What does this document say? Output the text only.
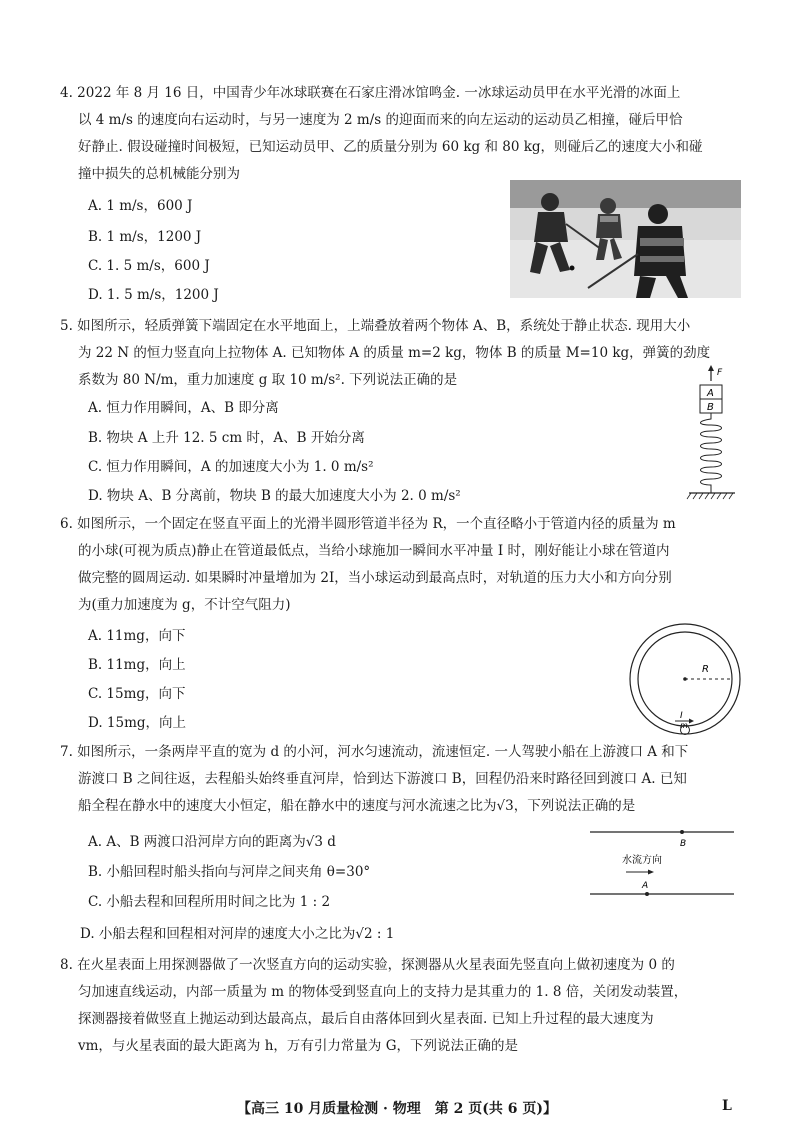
4. 2022 年 8 月 16 日，中国青少年冰球联赛在石家庄滑冰馆鸣金. 一冰球运动员甲在水平光滑的冰面上

以 4 m/s 的速度向右运动时，与另一速度为 2 m/s 的迎面而来的向左运动的运动员乙相撞，碰后甲恰

好静止. 假设碰撞时间极短，已知运动员甲、乙的质量分别为 60 kg 和 80 kg，则碰后乙的速度大小和碰

撞中损失的总机械能分别为

A. 1 m/s，600 J
B. 1 m/s，1200 J
C. 1. 5 m/s，600 J
D. 1. 5 m/s，1200 J

5. 如图所示，轻质弹簧下端固定在水平地面上，上端叠放着两个物体 A、B，系统处于静止状态. 现用大小

为 22 N 的恒力竖直向上拉物体 A. 已知物体 A 的质量 m=2 kg，物体 B 的质量 M=10 kg，弹簧的劲度

系数为 80 N/m，重力加速度 g 取 10 m/s². 下列说法正确的是

A. 恒力作用瞬间，A、B 即分离
B. 物块 A 上升 12. 5 cm 时，A、B 开始分离
C. 恒力作用瞬间，A 的加速度大小为 1. 0 m/s²
D. 物块 A、B 分离前，物块 B 的最大加速度大小为 2. 0 m/s²
F
A
B

6. 如图所示，一个固定在竖直平面上的光滑半圆形管道半径为 R，一个直径略小于管道内径的质量为 m

的小球(可视为质点)静止在管道最低点，当给小球施加一瞬间水平冲量 I 时，刚好能让小球在管道内

做完整的圆周运动. 如果瞬时冲量增加为 2I，当小球运动到最高点时，对轨道的压力大小和方向分别

为(重力加速度为 g，不计空气阻力)

A. 11mg，向下
B. 11mg，向上
C. 15mg，向下
D. 15mg，向上
R
I
m

7. 如图所示，一条两岸平直的宽为 d 的小河，河水匀速流动，流速恒定. 一人驾驶小船在上游渡口 A 和下

游渡口 B 之间往返，去程船头始终垂直河岸，恰到达下游渡口 B，回程仍沿来时路径回到渡口 A. 已知

船全程在静水中的速度大小恒定，船在静水中的速度与河水流速之比为√3，下列说法正确的是

A. A、B 两渡口沿河岸方向的距离为√3 d
B. 小船回程时船头指向与河岸之间夹角 θ=30°
C. 小船去程和回程所用时间之比为 1 : 2
D. 小船去程和回程相对河岸的速度大小之比为√2 : 1
B
水流方向
A

8. 在火星表面上用探测器做了一次竖直方向的运动实验，探测器从火星表面先竖直向上做初速度为 0 的

匀加速直线运动，内部一质量为 m 的物体受到竖直向上的支持力是其重力的 1. 8 倍，关闭发动装置，

探测器接着做竖直上抛运动到达最高点，最后自由落体回到火星表面. 已知上升过程的最大速度为

vm，与火星表面的最大距离为 h，万有引力常量为 G，下列说法正确的是

【高三 10 月质量检测 · 物理　第 2 页(共 6 页)】	L
